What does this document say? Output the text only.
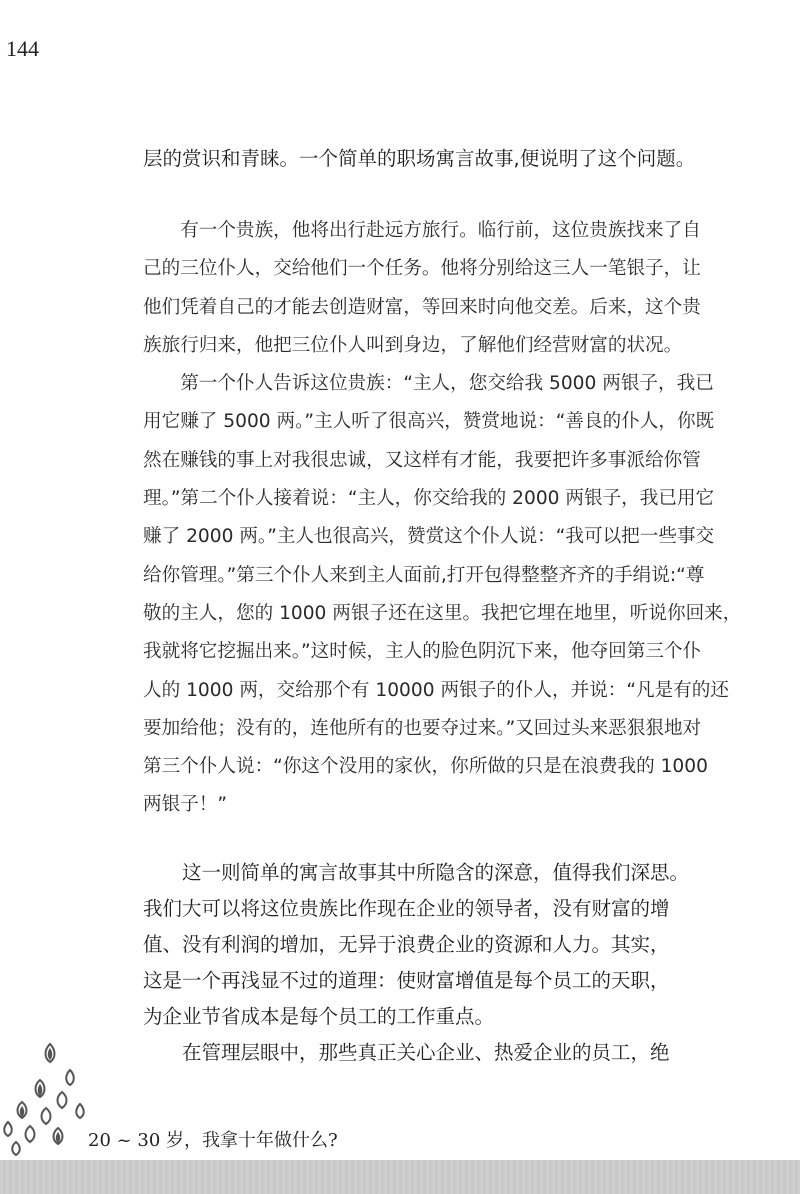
144

层的赏识和青睐。一个简单的职场寓言故事,便说明了这个问题。

有一个贵族，他将出行赴远方旅行。临行前，这位贵族找来了自
己的三位仆人，交给他们一个任务。他将分别给这三人一笔银子，让
他们凭着自己的才能去创造财富，等回来时向他交差。后来，这个贵
族旅行归来，他把三位仆人叫到身边，了解他们经营财富的状况。

第一个仆人告诉这位贵族：“主人，您交给我 5000 两银子，我已
用它赚了 5000 两。”主人听了很高兴，赞赏地说：“善良的仆人，你既
然在赚钱的事上对我很忠诚，又这样有才能，我要把许多事派给你管
理。”第二个仆人接着说：“主人，你交给我的 2000 两银子，我已用它
赚了 2000 两。”主人也很高兴，赞赏这个仆人说：“我可以把一些事交
给你管理。”第三个仆人来到主人面前,打开包得整整齐齐的手绢说:“尊
敬的主人，您的 1000 两银子还在这里。我把它埋在地里，听说你回来，
我就将它挖掘出来。”这时候，主人的脸色阴沉下来，他夺回第三个仆
人的 1000 两，交给那个有 10000 两银子的仆人，并说：“凡是有的还
要加给他；没有的，连他所有的也要夺过来。”又回过头来恶狠狠地对
第三个仆人说：“你这个没用的家伙，你所做的只是在浪费我的 1000
两银子！”

这一则简单的寓言故事其中所隐含的深意，值得我们深思。
我们大可以将这位贵族比作现在企业的领导者，没有财富的增
值、没有利润的增加，无异于浪费企业的资源和人力。其实，
这是一个再浅显不过的道理：使财富增值是每个员工的天职，
为企业节省成本是每个员工的工作重点。

在管理层眼中，那些真正关心企业、热爱企业的员工，绝

20 ~ 30 岁，我拿十年做什么?
